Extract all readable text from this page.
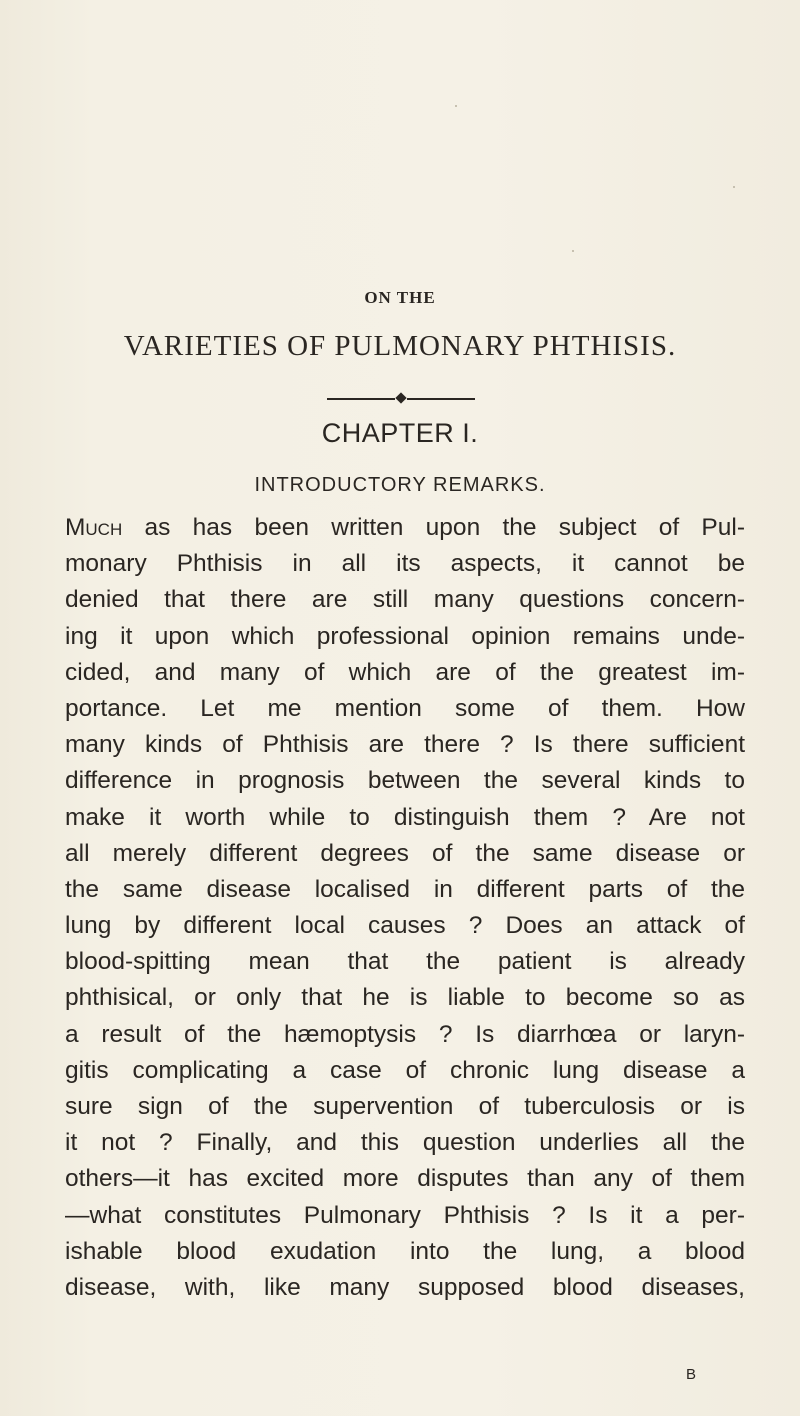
ON THE
VARIETIES OF PULMONARY PHTHISIS.
CHAPTER I.
INTRODUCTORY REMARKS.
Much as has been written upon the subject of Pul-
monary Phthisis in all its aspects, it cannot be
denied that there are still many questions concern-
ing it upon which professional opinion remains unde-
cided, and many of which are of the greatest im-
portance. Let me mention some of them. How
many kinds of Phthisis are there ? Is there sufficient
difference in prognosis between the several kinds to
make it worth while to distinguish them ? Are not
all merely different degrees of the same disease or
the same disease localised in different parts of the
lung by different local causes ? Does an attack of
blood-spitting mean that the patient is already
phthisical, or only that he is liable to become so as
a result of the hæmoptysis ? Is diarrhœa or laryn-
gitis complicating a case of chronic lung disease a
sure sign of the supervention of tuberculosis or is
it not ? Finally, and this question underlies all the
others—it has excited more disputes than any of them
—what constitutes Pulmonary Phthisis ? Is it a per-
ishable blood exudation into the lung, a blood
disease, with, like many supposed blood diseases,
B
